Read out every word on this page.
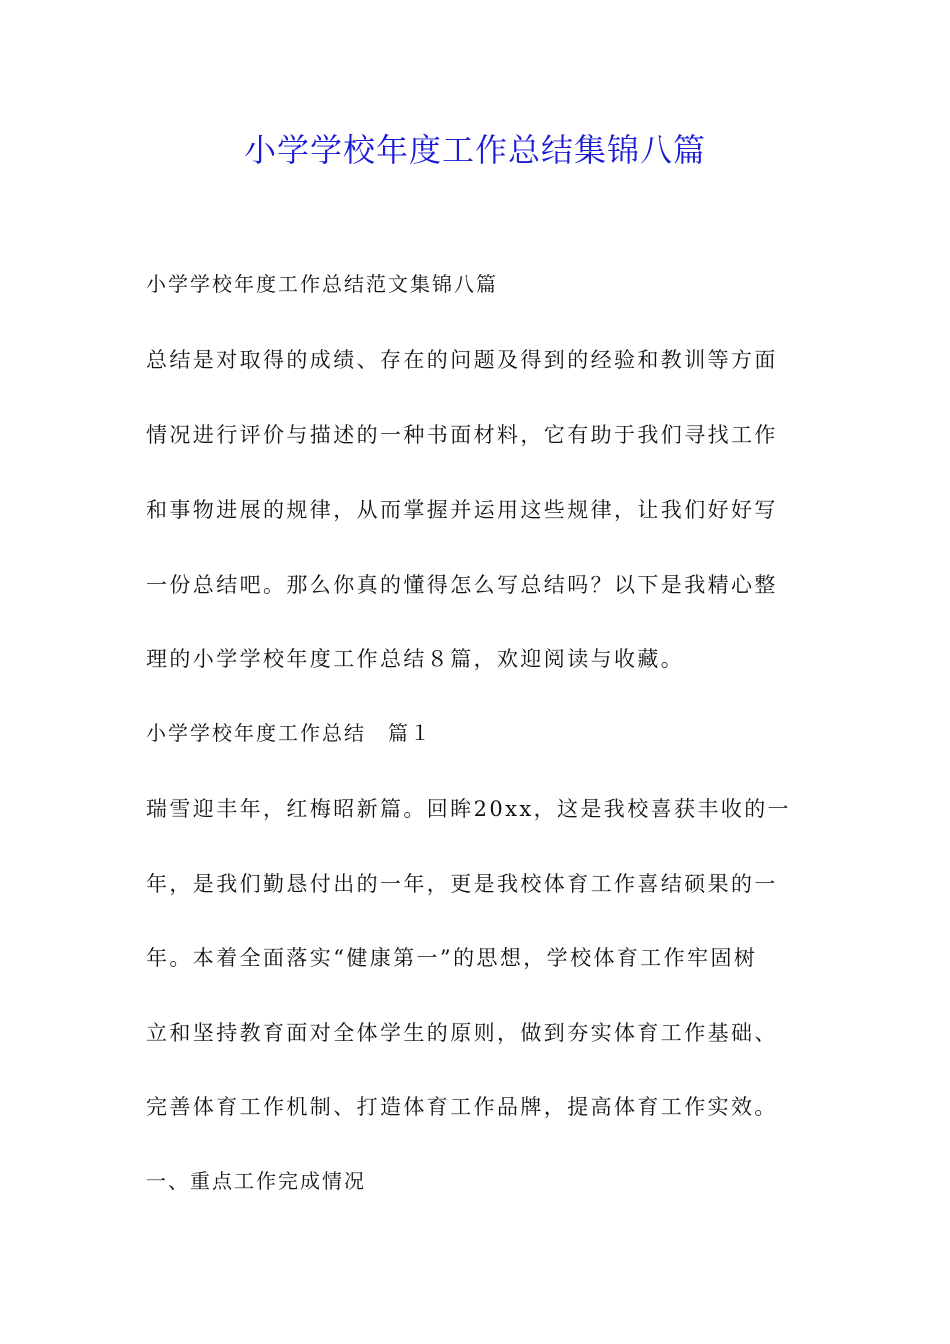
小学学校年度工作总结集锦八篇

小学学校年度工作总结范文集锦八篇

总结是对取得的成绩、存在的问题及得到的经验和教训等方面

情况进行评价与描述的一种书面材料，它有助于我们寻找工作

和事物进展的规律，从而掌握并运用这些规律，让我们好好写

一份总结吧。那么你真的懂得怎么写总结吗？以下是我精心整

理的小学学校年度工作总结８篇，欢迎阅读与收藏。

小学学校年度工作总结　篇１

瑞雪迎丰年，红梅昭新篇。回眸20xx，这是我校喜获丰收的一

年，是我们勤恳付出的一年，更是我校体育工作喜结硕果的一

年。本着全面落实“健康第一”的思想，学校体育工作牢固树

立和坚持教育面对全体学生的原则，做到夯实体育工作基础、

完善体育工作机制、打造体育工作品牌，提高体育工作实效。

一、重点工作完成情况
